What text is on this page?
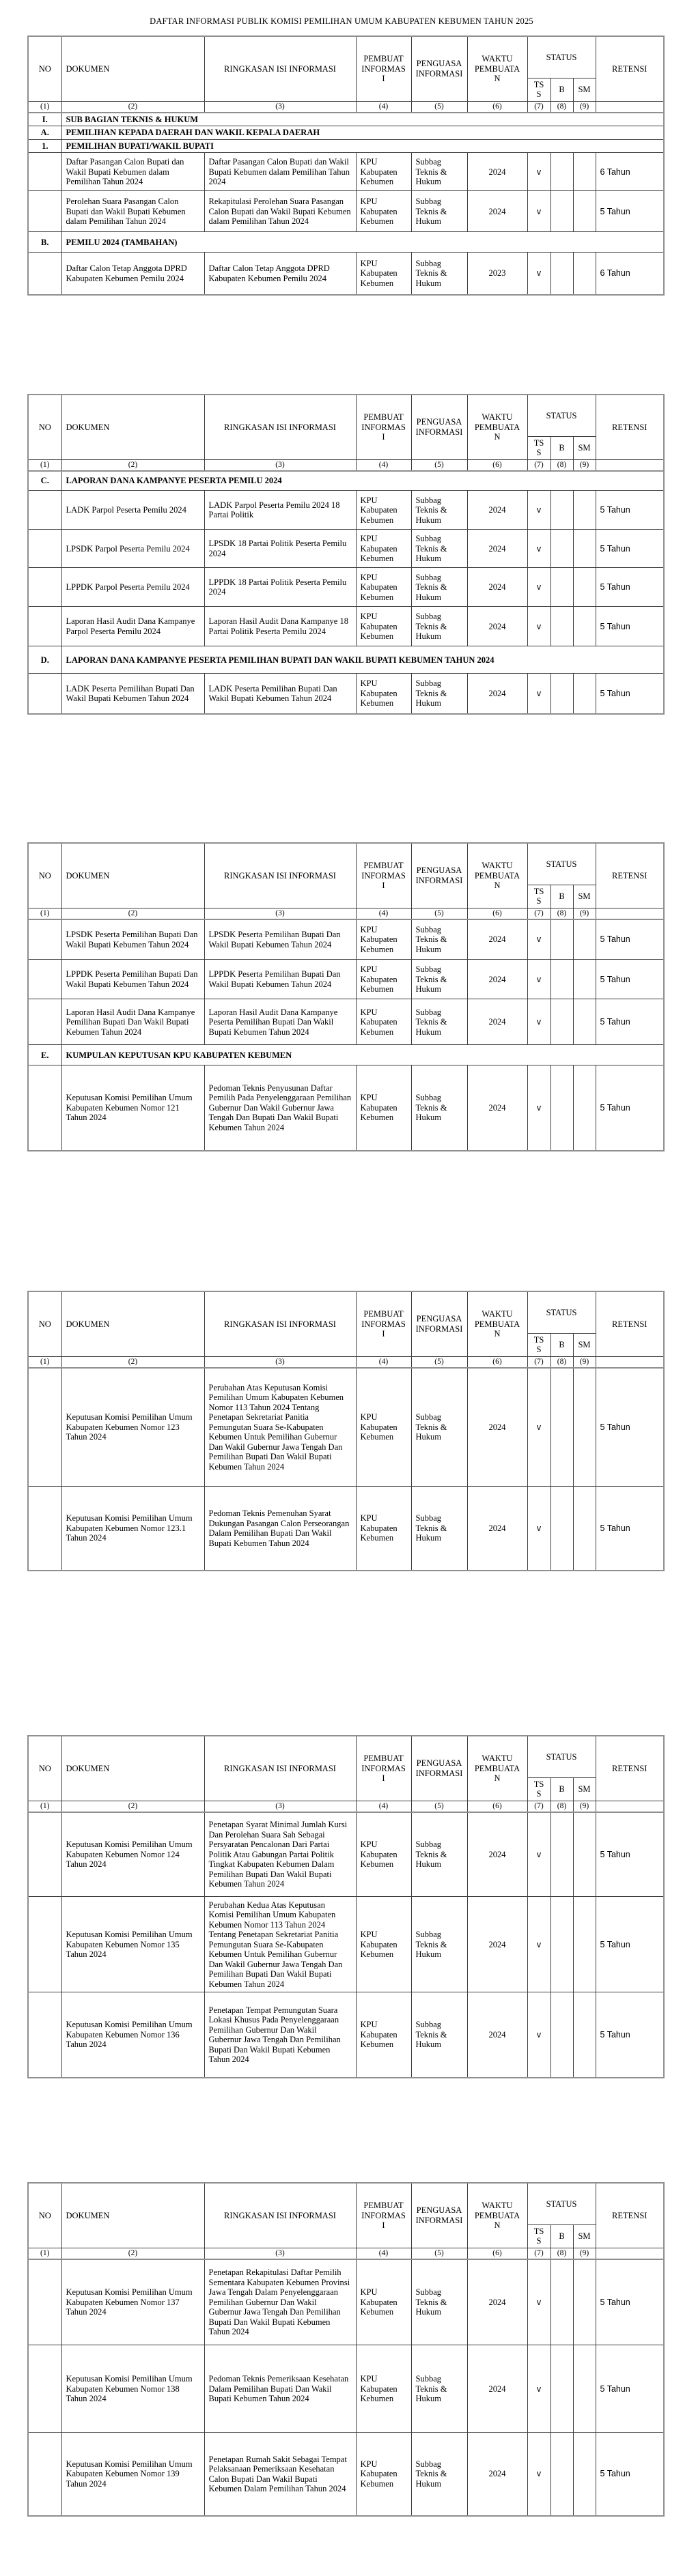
DAFTAR INFORMASI PUBLIK KOMISI PEMILIHAN UMUM KABUPATEN KEBUMEN TAHUN 2025
NO	DOKUMEN	RINGKASAN ISI INFORMASI	PEMBUAT INFORMASI	PENGUASA INFORMASI	WAKTU PEMBUATAN	STATUS			RETENSI
						TSS	B	SM	
(1)	(2)	(3)	(4)	(5)	(6)	(7)	(8)	(9)	
I.	SUB BAGIAN TEKNIS & HUKUM								
A.	PEMILIHAN KEPADA DAERAH DAN WAKIL KEPALA DAERAH								
1.	PEMILIHAN BUPATI/WAKIL BUPATI								
	Daftar Pasangan Calon Bupati dan Wakil Bupati Kebumen dalam Pemilihan Tahun 2024	Daftar Pasangan Calon Bupati dan Wakil Bupati Kebumen dalam Pemilihan Tahun 2024	KPU Kabupaten Kebumen	Subbag Teknis & Hukum	2024	v			6 Tahun
	Perolehan Suara Pasangan Calon Bupati dan Wakil Bupati Kebumen dalam Pemilihan Tahun 2024	Rekapitulasi Perolehan Suara Pasangan Calon Bupati dan Wakil Bupati Kebumen dalam Pemilihan Tahun 2024	KPU Kabupaten Kebumen	Subbag Teknis & Hukum	2024	v			5 Tahun
B.	PEMILU 2024 (TAMBAHAN)								
	Daftar Calon Tetap Anggota DPRD Kabupaten Kebumen Pemilu 2024	Daftar Calon Tetap Anggota DPRD Kabupaten Kebumen Pemilu 2024	KPU Kabupaten Kebumen	Subbag Teknis & Hukum	2023	v			6 Tahun
NO	DOKUMEN	RINGKASAN ISI INFORMASI	PEMBUAT INFORMASI	PENGUASA INFORMASI	WAKTU PEMBUATAN	STATUS			RETENSI
						TSS	B	SM	
(1)	(2)	(3)	(4)	(5)	(6)	(7)	(8)	(9)	
C.	LAPORAN DANA KAMPANYE PESERTA PEMILU 2024								
	LADK Parpol Peserta Pemilu 2024	LADK Parpol Peserta Pemilu 2024 18 Partai Politik	KPU Kabupaten Kebumen	Subbag Teknis & Hukum	2024	v			5 Tahun
	LPSDK Parpol Peserta Pemilu 2024	LPSDK 18 Partai Politik Peserta Pemilu 2024	KPU Kabupaten Kebumen	Subbag Teknis & Hukum	2024	v			5 Tahun
	LPPDK Parpol Peserta Pemilu 2024	LPPDK 18 Partai Politik Peserta Pemilu 2024	KPU Kabupaten Kebumen	Subbag Teknis & Hukum	2024	v			5 Tahun
	Laporan Hasil Audit Dana Kampanye Parpol Peserta Pemilu 2024	Laporan Hasil Audit Dana Kampanye 18 Partai Politik Peserta Pemilu 2024	KPU Kabupaten Kebumen	Subbag Teknis & Hukum	2024	v			5 Tahun
D.	LAPORAN DANA KAMPANYE PESERTA PEMILIHAN BUPATI DAN WAKIL BUPATI KEBUMEN TAHUN 2024								
	LADK Peserta Pemilihan Bupati Dan Wakil Bupati Kebumen Tahun 2024	LADK Peserta Pemilihan Bupati Dan Wakil Bupati Kebumen Tahun 2024	KPU Kabupaten Kebumen	Subbag Teknis & Hukum	2024	v			5 Tahun
NO	DOKUMEN	RINGKASAN ISI INFORMASI	PEMBUAT INFORMASI	PENGUASA INFORMASI	WAKTU PEMBUATAN	STATUS			RETENSI
						TSS	B	SM	
(1)	(2)	(3)	(4)	(5)	(6)	(7)	(8)	(9)	
	LPSDK Peserta Pemilihan Bupati Dan Wakil Bupati Kebumen Tahun 2024	LPSDK Peserta Pemilihan Bupati Dan Wakil Bupati Kebumen Tahun 2024	KPU Kabupaten Kebumen	Subbag Teknis & Hukum	2024	v			5 Tahun
	LPPDK Peserta Pemilihan Bupati Dan Wakil Bupati Kebumen Tahun 2024	LPPDK Peserta Pemilihan Bupati Dan Wakil Bupati Kebumen Tahun 2024	KPU Kabupaten Kebumen	Subbag Teknis & Hukum	2024	v			5 Tahun
	Laporan Hasil Audit Dana Kampanye Pemilihan Bupati Dan Wakil Bupati Kebumen Tahun 2024	Laporan Hasil Audit Dana Kampanye Peserta Pemilihan Bupati Dan Wakil Bupati Kebumen Tahun 2024	KPU Kabupaten Kebumen	Subbag Teknis & Hukum	2024	v			5 Tahun
E.	KUMPULAN KEPUTUSAN KPU KABUPATEN KEBUMEN								
	Keputusan Komisi Pemilihan Umum Kabupaten Kebumen Nomor 121 Tahun 2024	Pedoman Teknis Penyusunan Daftar Pemilih Pada Penyelenggaraan Pemilihan Gubernur Dan Wakil Gubernur Jawa Tengah Dan Bupati Dan Wakil Bupati Kebumen Tahun 2024	KPU Kabupaten Kebumen	Subbag Teknis & Hukum	2024	v			5 Tahun
NO	DOKUMEN	RINGKASAN ISI INFORMASI	PEMBUAT INFORMASI	PENGUASA INFORMASI	WAKTU PEMBUATAN	STATUS			RETENSI
						TSS	B	SM	
(1)	(2)	(3)	(4)	(5)	(6)	(7)	(8)	(9)	
	Keputusan Komisi Pemilihan Umum Kabupaten Kebumen Nomor 123 Tahun 2024	Perubahan Atas Keputusan Komisi Pemilihan Umum Kabupaten Kebumen Nomor 113 Tahun 2024 Tentang Penetapan Sekretariat Panitia Pemungutan Suara Se-Kabupaten Kebumen Untuk Pemilihan Gubernur Dan Wakil Gubernur Jawa Tengah Dan Pemilihan Bupati Dan Wakil Bupati Kebumen Tahun 2024	KPU Kabupaten Kebumen	Subbag Teknis & Hukum	2024	v			5 Tahun
	Keputusan Komisi Pemilihan Umum Kabupaten Kebumen Nomor 123.1 Tahun 2024	Pedoman Teknis Pemenuhan Syarat Dukungan Pasangan Calon Perseorangan Dalam Pemilihan Bupati Dan Wakil Bupati Kebumen Tahun 2024	KPU Kabupaten Kebumen	Subbag Teknis & Hukum	2024	v			5 Tahun
NO	DOKUMEN	RINGKASAN ISI INFORMASI	PEMBUAT INFORMASI	PENGUASA INFORMASI	WAKTU PEMBUATAN	STATUS			RETENSI
						TSS	B	SM	
(1)	(2)	(3)	(4)	(5)	(6)	(7)	(8)	(9)	
	Keputusan Komisi Pemilihan Umum Kabupaten Kebumen Nomor 124 Tahun 2024	Penetapan Syarat Minimal Jumlah Kursi Dan Perolehan Suara Sah Sebagai Persyaratan Pencalonan Dari Partai Politik Atau Gabungan Partai Politik Tingkat Kabupaten Kebumen Dalam Pemilihan Bupati Dan Wakil Bupati Kebumen Tahun 2024	KPU Kabupaten Kebumen	Subbag Teknis & Hukum	2024	v			5 Tahun
	Keputusan Komisi Pemilihan Umum Kabupaten Kebumen Nomor 135 Tahun 2024	Perubahan Kedua Atas Keputusan Komisi Pemilihan Umum Kabupaten Kebumen Nomor 113 Tahun 2024 Tentang Penetapan Sekretariat Panitia Pemungutan Suara Se-Kabupaten Kebumen Untuk Pemilihan Gubernur Dan Wakil Gubernur Jawa Tengah Dan Pemilihan Bupati Dan Wakil Bupati Kebumen Tahun 2024	KPU Kabupaten Kebumen	Subbag Teknis & Hukum	2024	v			5 Tahun
	Keputusan Komisi Pemilihan Umum Kabupaten Kebumen Nomor 136 Tahun 2024	Penetapan Tempat Pemungutan Suara Lokasi Khusus Pada Penyelenggaraan Pemilihan Gubernur Dan Wakil Gubernur Jawa Tengah Dan Pemilihan Bupati Dan Wakil Bupati Kebumen Tahun 2024	KPU Kabupaten Kebumen	Subbag Teknis & Hukum	2024	v			5 Tahun
NO	DOKUMEN	RINGKASAN ISI INFORMASI	PEMBUAT INFORMASI	PENGUASA INFORMASI	WAKTU PEMBUATAN	STATUS			RETENSI
						TSS	B	SM	
(1)	(2)	(3)	(4)	(5)	(6)	(7)	(8)	(9)	
	Keputusan Komisi Pemilihan Umum Kabupaten Kebumen Nomor 137 Tahun 2024	Penetapan Rekapitulasi Daftar Pemilih Sementara Kabupaten Kebumen Provinsi Jawa Tengah Dalam Penyelenggaraan Pemilihan Gubernur Dan Wakil Gubernur Jawa Tengah Dan Pemilihan Bupati Dan Wakil Bupati Kebumen Tahun 2024	KPU Kabupaten Kebumen	Subbag Teknis & Hukum	2024	v			5 Tahun
	Keputusan Komisi Pemilihan Umum Kabupaten Kebumen Nomor 138 Tahun 2024	Pedoman Teknis Pemeriksaan Kesehatan Dalam Pemilihan Bupati Dan Wakil Bupati Kebumen Tahun 2024	KPU Kabupaten Kebumen	Subbag Teknis & Hukum	2024	v			5 Tahun
	Keputusan Komisi Pemilihan Umum Kabupaten Kebumen Nomor 139 Tahun 2024	Penetapan Rumah Sakit Sebagai Tempat Pelaksanaan Pemeriksaan Kesehatan Calon Bupati Dan Wakil Bupati Kebumen Dalam Pemilihan Tahun 2024	KPU Kabupaten Kebumen	Subbag Teknis & Hukum	2024	v			5 Tahun
